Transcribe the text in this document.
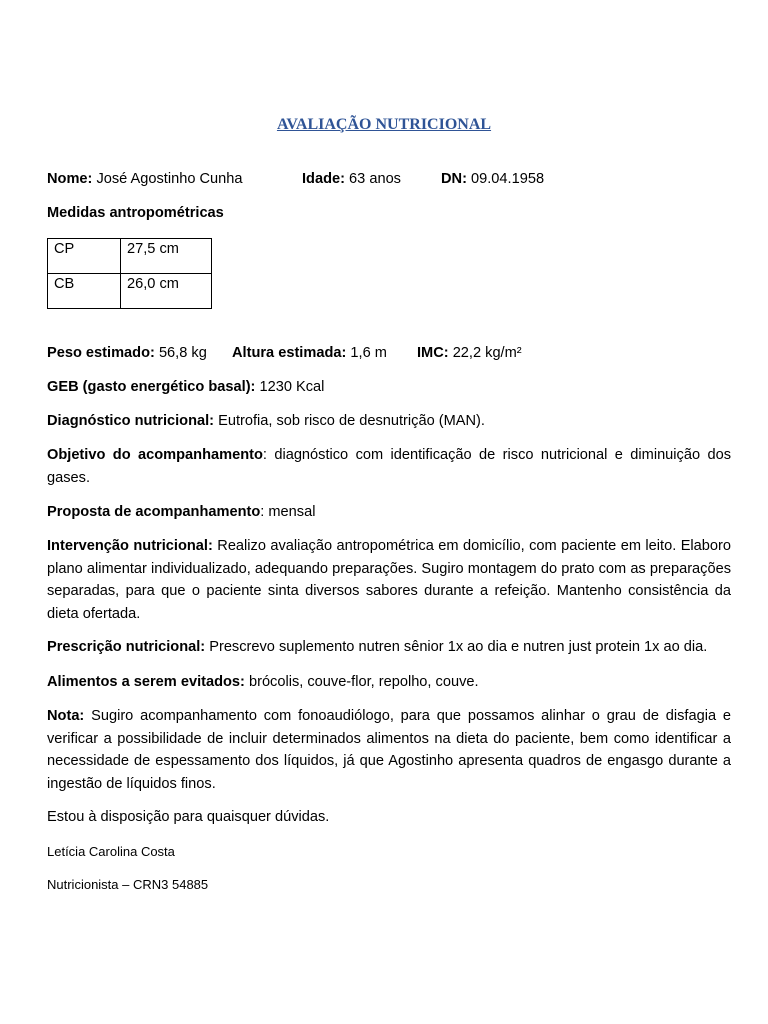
AVALIAÇÃO NUTRICIONAL
Nome: José Agostinho Cunha	Idade: 63 anos	DN: 09.04.1958
Medidas antropométricas
CP	27,5 cm
CB	26,0 cm
Peso estimado: 56,8 kg Altura estimada: 1,6 m IMC: 22,2 kg/m²
GEB (gasto energético basal): 1230 Kcal
Diagnóstico nutricional: Eutrofia, sob risco de desnutrição (MAN).
Objetivo do acompanhamento: diagnóstico com identificação de risco nutricional e diminuição dos gases.
Proposta de acompanhamento: mensal
Intervenção nutricional: Realizo avaliação antropométrica em domicílio, com paciente em leito. Elaboro plano alimentar individualizado, adequando preparações. Sugiro montagem do prato com as preparações separadas, para que o paciente sinta diversos sabores durante a refeição. Mantenho consistência da dieta ofertada.
Prescrição nutricional: Prescrevo suplemento nutren sênior 1x ao dia e nutren just protein 1x ao dia.
Alimentos a serem evitados: brócolis, couve-flor, repolho, couve.
Nota: Sugiro acompanhamento com fonoaudiólogo, para que possamos alinhar o grau de disfagia e verificar a possibilidade de incluir determinados alimentos na dieta do paciente, bem como identificar a necessidade de espessamento dos líquidos, já que Agostinho apresenta quadros de engasgo durante a ingestão de líquidos finos.
Estou à disposição para quaisquer dúvidas.
Letícia Carolina Costa
Nutricionista – CRN3 54885
